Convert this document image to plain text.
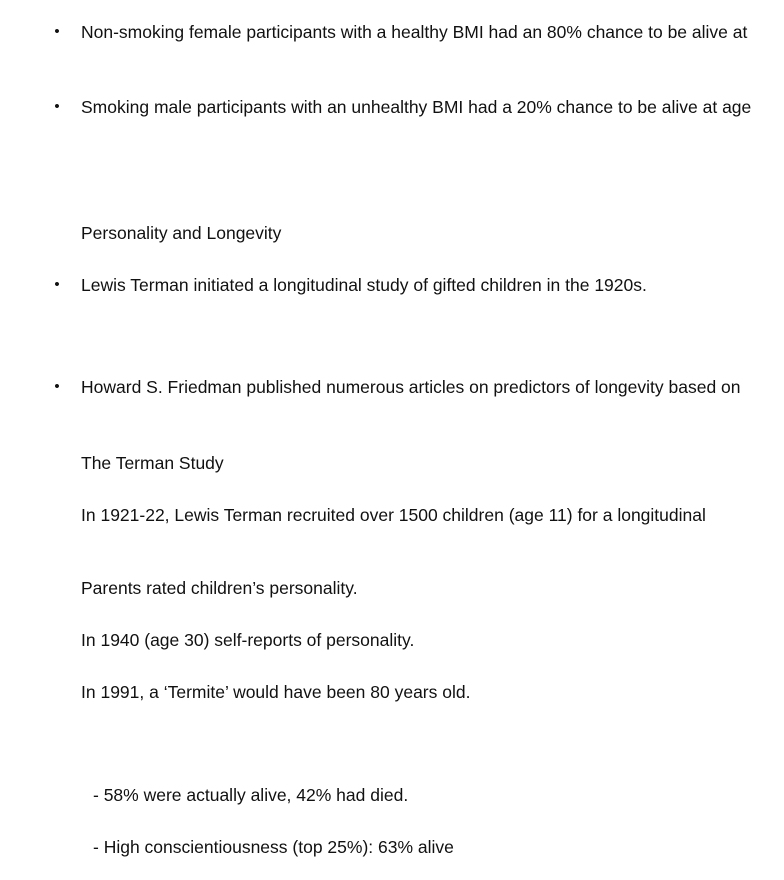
• Non-smoking female participants with a healthy BMI had an 80% chance to be alive at
• Smoking male participants with an unhealthy BMI had a 20% chance to be alive at age
Personality and Longevity
• Lewis Terman initiated a longitudinal study of gifted children in the 1920s.
• Howard S. Friedman published numerous articles on predictors of longevity based on
The Terman Study
In 1921-22, Lewis Terman recruited over 1500 children (age 11) for a longitudinal
Parents rated children’s personality.
In 1940 (age 30) self-reports of personality.
In 1991, a ‘Termite’ would have been 80 years old.
- 58% were actually alive, 42% had died.
- High conscientiousness (top 25%): 63% alive
